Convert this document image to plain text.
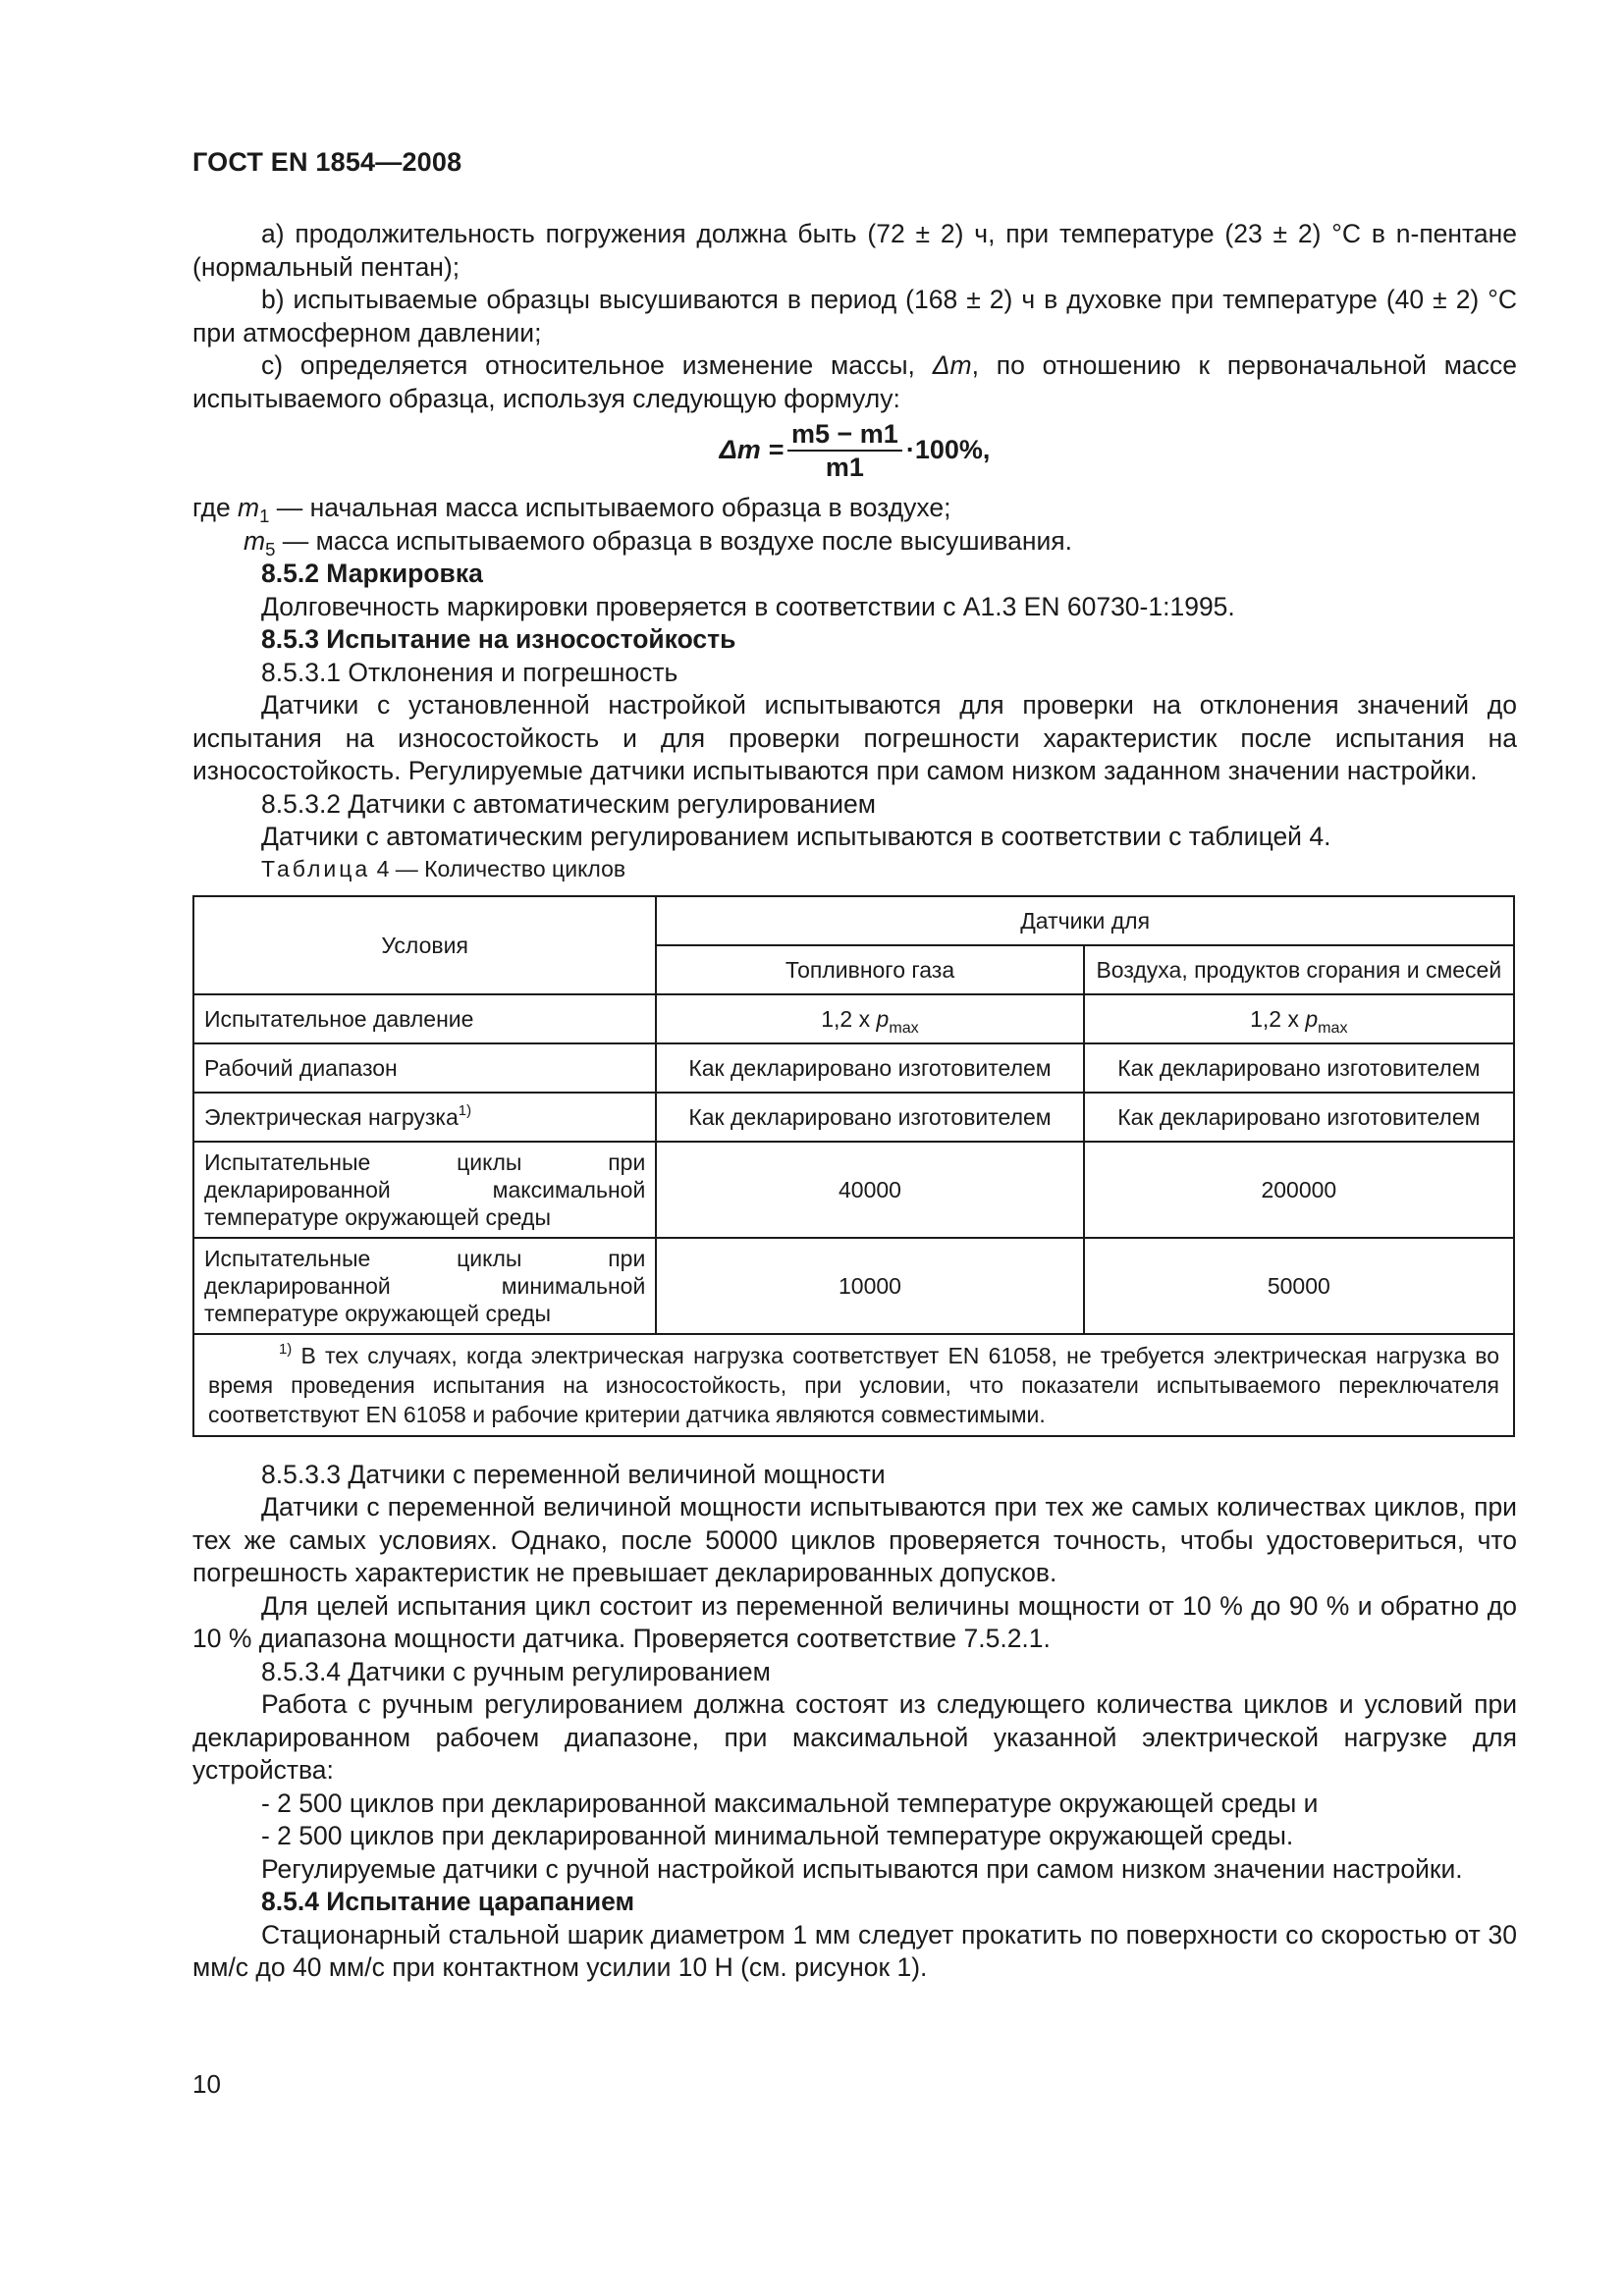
ГОСТ EN 1854—2008

a) продолжительность погружения должна быть (72 ± 2) ч, при температуре (23 ± 2) °С в n-пентане (нормальный пентан);

b) испытываемые образцы высушиваются в период (168 ± 2) ч в духовке при температуре (40 ± 2) °С при атмосферном давлении;

c) определяется относительное изменение массы, Δm, по отношению к первоначальной массе испытываемого образца, используя следующую формулу:

$\Delta m = \frac{m5 - m1}{m1} \cdot 100\%$,

где $m_1$ — начальная масса испытываемого образца в воздухе;

$m_5$ — масса испытываемого образца в воздухе после высушивания.

8.5.2 Маркировка

Долговечность маркировки проверяется в соответствии с А1.3 EN 60730-1:1995.

8.5.3 Испытание на износостойкость

8.5.3.1 Отклонения и погрешность

Датчики с установленной настройкой испытываются для проверки на отклонения значений до испытания на износостойкость и для проверки погрешности характеристик после испытания на износостойкость. Регулируемые датчики испытываются при самом низком заданном значении настройки.

8.5.3.2 Датчики с автоматическим регулированием

Датчики с автоматическим регулированием испытываются в соответствии с таблицей 4.

Таблица 4 — Количество циклов

Условия	Датчики для	
	Топливного газа	Воздуха, продуктов сгорания и смесей
Испытательное давление	1,2 x $p_{max}$	1,2 x $p_{max}$
Рабочий диапазон	Как декларировано изготовителем	Как декларировано изготовителем
Электрическая нагрузка$^{1)}$	Как декларировано изготовителем	Как декларировано изготовителем
Испытательные циклы при декларированной максимальной температуре окружающей среды	40000	200000
Испытательные циклы при декларированной минимальной температуре окружающей среды	10000	50000
$^{1)}$ В тех случаях, когда электрическая нагрузка соответствует EN 61058, не требуется электрическая нагрузка во время проведения испытания на износостойкость, при условии, что показатели испытываемого переключателя соответствуют EN 61058 и рабочие критерии датчика являются совместимыми.		

8.5.3.3 Датчики с переменной величиной мощности

Датчики с переменной величиной мощности испытываются при тех же самых количествах циклов, при тех же самых условиях. Однако, после 50000 циклов проверяется точность, чтобы удостовериться, что погрешность характеристик не превышает декларированных допусков.

Для целей испытания цикл состоит из переменной величины мощности от 10 % до 90 % и обратно до 10 % диапазона мощности датчика. Проверяется соответствие 7.5.2.1.

8.5.3.4 Датчики с ручным регулированием

Работа с ручным регулированием должна состоят из следующего количества циклов и условий при декларированном рабочем диапазоне, при максимальной указанной электрической нагрузке для устройства:

- 2 500 циклов при декларированной максимальной температуре окружающей среды и

- 2 500 циклов при декларированной минимальной температуре окружающей среды.

Регулируемые датчики с ручной настройкой испытываются при самом низком значении настройки.

8.5.4 Испытание царапанием

Стационарный стальной шарик диаметром 1 мм следует прокатить по поверхности со скоростью от 30 мм/с до 40 мм/с при контактном усилии 10 Н (см. рисунок 1).

10
